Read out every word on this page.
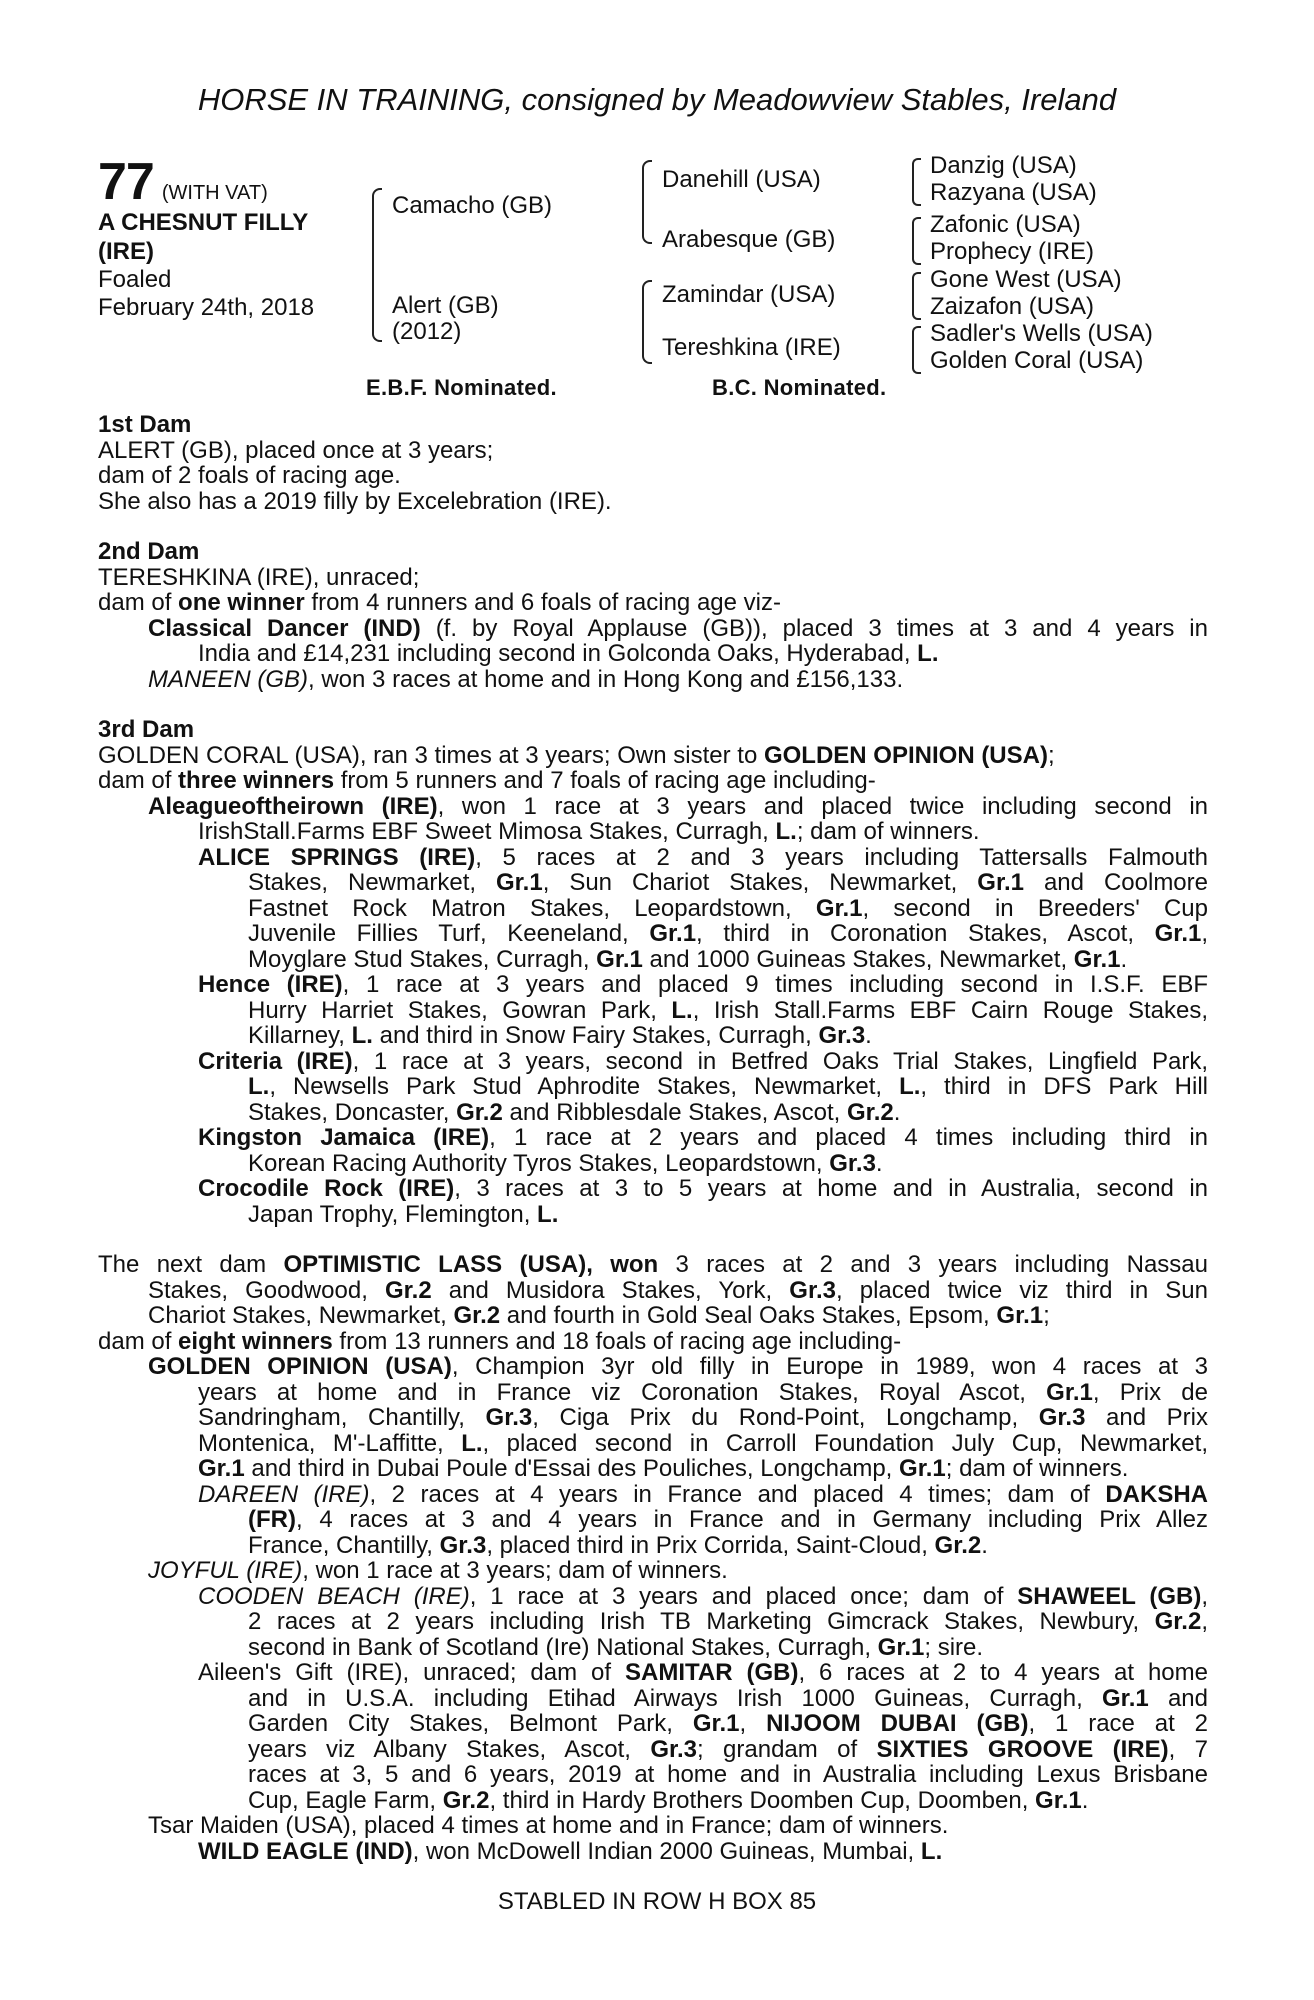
HORSE IN TRAINING, consigned by Meadowview Stables, Ireland
77 (WITH VAT)
A CHESNUT FILLY
(IRE)
Foaled
February 24th, 2018
Camacho (GB)
Alert (GB)
(2012)
Danehill (USA)
Arabesque (GB)
Zamindar (USA)
Tereshkina (IRE)
Danzig (USA)
Razyana (USA)
Zafonic (USA)
Prophecy (IRE)
Gone West (USA)
Zaizafon (USA)
Sadler's Wells (USA)
Golden Coral (USA)
E.B.F. Nominated.	B.C. Nominated.
1st Dam
ALERT (GB), placed once at 3 years;
dam of 2 foals of racing age.
She also has a 2019 filly by Excelebration (IRE).
2nd Dam
TERESHKINA (IRE), unraced;
dam of one winner from 4 runners and 6 foals of racing age viz-
Classical Dancer (IND) (f. by Royal Applause (GB)), placed 3 times at 3 and 4 years in
India and £14,231 including second in Golconda Oaks, Hyderabad, L.
MANEEN (GB), won 3 races at home and in Hong Kong and £156,133.
3rd Dam
GOLDEN CORAL (USA), ran 3 times at 3 years; Own sister to GOLDEN OPINION (USA);
dam of three winners from 5 runners and 7 foals of racing age including-
Aleagueoftheirown (IRE), won 1 race at 3 years and placed twice including second in
IrishStall.Farms EBF Sweet Mimosa Stakes, Curragh, L.; dam of winners.
ALICE SPRINGS (IRE), 5 races at 2 and 3 years including Tattersalls Falmouth
Stakes, Newmarket, Gr.1, Sun Chariot Stakes, Newmarket, Gr.1 and Coolmore
Fastnet Rock Matron Stakes, Leopardstown, Gr.1, second in Breeders' Cup
Juvenile Fillies Turf, Keeneland, Gr.1, third in Coronation Stakes, Ascot, Gr.1,
Moyglare Stud Stakes, Curragh, Gr.1 and 1000 Guineas Stakes, Newmarket, Gr.1.
Hence (IRE), 1 race at 3 years and placed 9 times including second in I.S.F. EBF
Hurry Harriet Stakes, Gowran Park, L., Irish Stall.Farms EBF Cairn Rouge Stakes,
Killarney, L. and third in Snow Fairy Stakes, Curragh, Gr.3.
Criteria (IRE), 1 race at 3 years, second in Betfred Oaks Trial Stakes, Lingfield Park,
L., Newsells Park Stud Aphrodite Stakes, Newmarket, L., third in DFS Park Hill
Stakes, Doncaster, Gr.2 and Ribblesdale Stakes, Ascot, Gr.2.
Kingston Jamaica (IRE), 1 race at 2 years and placed 4 times including third in
Korean Racing Authority Tyros Stakes, Leopardstown, Gr.3.
Crocodile Rock (IRE), 3 races at 3 to 5 years at home and in Australia, second in
Japan Trophy, Flemington, L.
The next dam OPTIMISTIC LASS (USA), won 3 races at 2 and 3 years including Nassau
Stakes, Goodwood, Gr.2 and Musidora Stakes, York, Gr.3, placed twice viz third in Sun
Chariot Stakes, Newmarket, Gr.2 and fourth in Gold Seal Oaks Stakes, Epsom, Gr.1;
dam of eight winners from 13 runners and 18 foals of racing age including-
GOLDEN OPINION (USA), Champion 3yr old filly in Europe in 1989, won 4 races at 3
years at home and in France viz Coronation Stakes, Royal Ascot, Gr.1, Prix de
Sandringham, Chantilly, Gr.3, Ciga Prix du Rond-Point, Longchamp, Gr.3 and Prix
Montenica, M'-Laffitte, L., placed second in Carroll Foundation July Cup, Newmarket,
Gr.1 and third in Dubai Poule d'Essai des Pouliches, Longchamp, Gr.1; dam of winners.
DAREEN (IRE), 2 races at 4 years in France and placed 4 times; dam of DAKSHA
(FR), 4 races at 3 and 4 years in France and in Germany including Prix Allez
France, Chantilly, Gr.3, placed third in Prix Corrida, Saint-Cloud, Gr.2.
JOYFUL (IRE), won 1 race at 3 years; dam of winners.
COODEN BEACH (IRE), 1 race at 3 years and placed once; dam of SHAWEEL (GB),
2 races at 2 years including Irish TB Marketing Gimcrack Stakes, Newbury, Gr.2,
second in Bank of Scotland (Ire) National Stakes, Curragh, Gr.1; sire.
Aileen's Gift (IRE), unraced; dam of SAMITAR (GB), 6 races at 2 to 4 years at home
and in U.S.A. including Etihad Airways Irish 1000 Guineas, Curragh, Gr.1 and
Garden City Stakes, Belmont Park, Gr.1, NIJOOM DUBAI (GB), 1 race at 2
years viz Albany Stakes, Ascot, Gr.3; grandam of SIXTIES GROOVE (IRE), 7
races at 3, 5 and 6 years, 2019 at home and in Australia including Lexus Brisbane
Cup, Eagle Farm, Gr.2, third in Hardy Brothers Doomben Cup, Doomben, Gr.1.
Tsar Maiden (USA), placed 4 times at home and in France; dam of winners.
WILD EAGLE (IND), won McDowell Indian 2000 Guineas, Mumbai, L.
STABLED IN ROW H BOX 85
